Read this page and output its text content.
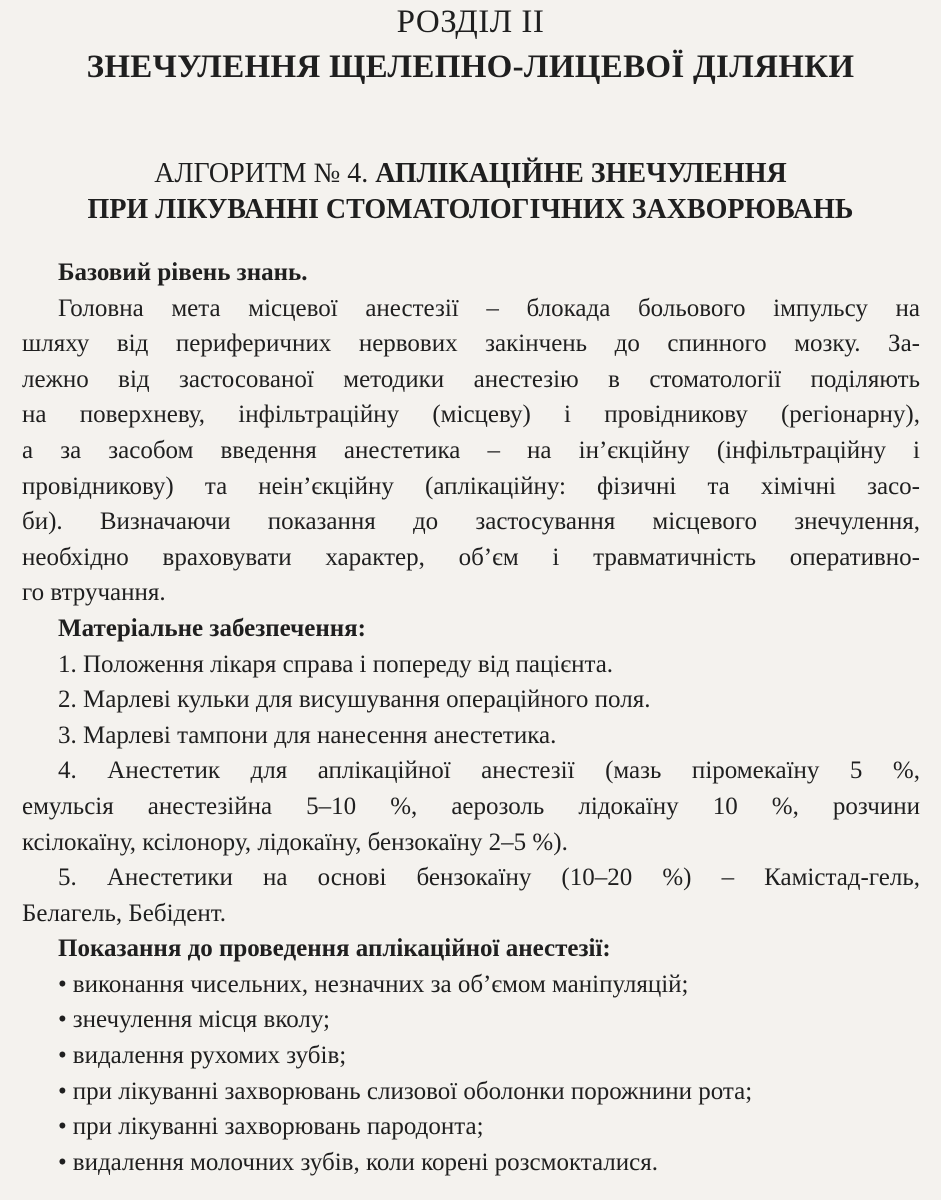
РОЗДІЛ II
ЗНЕЧУЛЕННЯ ЩЕЛЕПНО-ЛИЦЕВОЇ ДІЛЯНКИ
АЛГОРИТМ № 4. АПЛІКАЦІЙНЕ ЗНЕЧУЛЕННЯ
ПРИ ЛІКУВАННІ СТОМАТОЛОГІЧНИХ ЗАХВОРЮВАНЬ

Базовий рівень знань.

Головна мета місцевої анестезії – блокада больового імпульсу на
шляху від периферичних нервових закінчень до спинного мозку. За-
лежно від застосованої методики анестезію в стоматології поділяють
на поверхневу, інфільтраційну (місцеву) і провідникову (регіонарну),
а за засобом введення анестетика – на ін’єкційну (інфільтраційну і
провідникову) та неін’єкційну (аплікаційну: фізичні та хімічні засо-
би). Визначаючи показання до застосування місцевого знечулення,
необхідно враховувати характер, об’єм і травматичність оперативно-
го втручання.

Матеріальне забезпечення:

1. Положення лікаря справа і попереду від пацієнта.

2. Марлеві кульки для висушування операційного поля.

3. Марлеві тампони для нанесення анестетика.

4. Анестетик для аплікаційної анестезії (мазь піромекаїну 5 %,
емульсія анестезійна 5–10 %, аерозоль лідокаїну 10 %, розчини
ксілокаїну, ксілонору, лідокаїну, бензокаїну 2–5 %).
5. Анестетики на основі бензокаїну (10–20 %) – Камістад-гель,
Белагель, Бебідент.

Показання до проведення аплікаційної анестезії:

• виконання чисельних, незначних за об’ємом маніпуляцій;

• знечулення місця вколу;

• видалення рухомих зубів;

• при лікуванні захворювань слизової оболонки порожнини рота;

• при лікуванні захворювань пародонта;

• видалення молочних зубів, коли корені розсмокталися.
